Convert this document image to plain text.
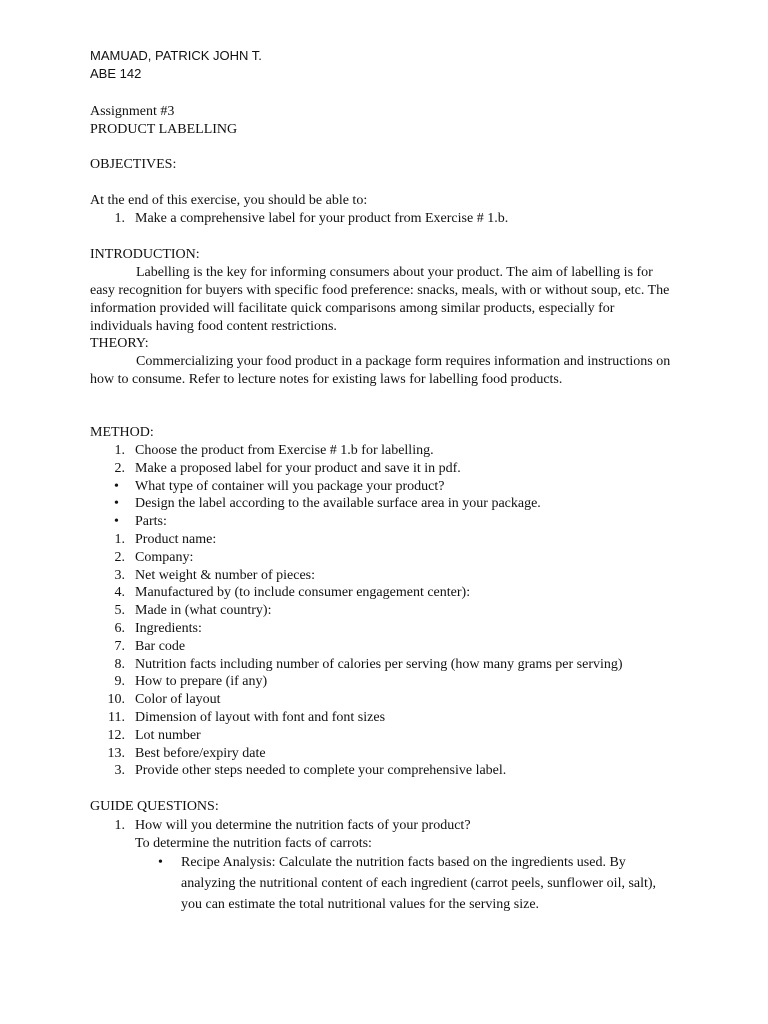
MAMUAD, PATRICK JOHN T.
ABE 142
Assignment #3
PRODUCT LABELLING
OBJECTIVES:
At the end of this exercise, you should be able to:
1. Make a comprehensive label for your product from Exercise # 1.b.
INTRODUCTION:
Labelling is the key for informing consumers about your product. The aim of labelling is for easy recognition for buyers with specific food preference: snacks, meals, with or without soup, etc. The information provided will facilitate quick comparisons among similar products, especially for individuals having food content restrictions.
THEORY:
Commercializing your food product in a package form requires information and instructions on how to consume. Refer to lecture notes for existing laws for labelling food products.
METHOD:
1. Choose the product from Exercise # 1.b for labelling.
2. Make a proposed label for your product and save it in pdf.
• What type of container will you package your product?
• Design the label according to the available surface area in your package.
• Parts:
1. Product name:
2. Company:
3. Net weight & number of pieces:
4. Manufactured by (to include consumer engagement center):
5. Made in (what country):
6. Ingredients:
7. Bar code
8. Nutrition facts including number of calories per serving (how many grams per serving)
9. How to prepare (if any)
10. Color of layout
11. Dimension of layout with font and font sizes
12. Lot number
13. Best before/expiry date
3. Provide other steps needed to complete your comprehensive label.
GUIDE QUESTIONS:
1. How will you determine the nutrition facts of your product?
To determine the nutrition facts of carrots:
•	Recipe Analysis: Calculate the nutrition facts based on the ingredients used. By analyzing the nutritional content of each ingredient (carrot peels, sunflower oil, salt), you can estimate the total nutritional values for the serving size.
